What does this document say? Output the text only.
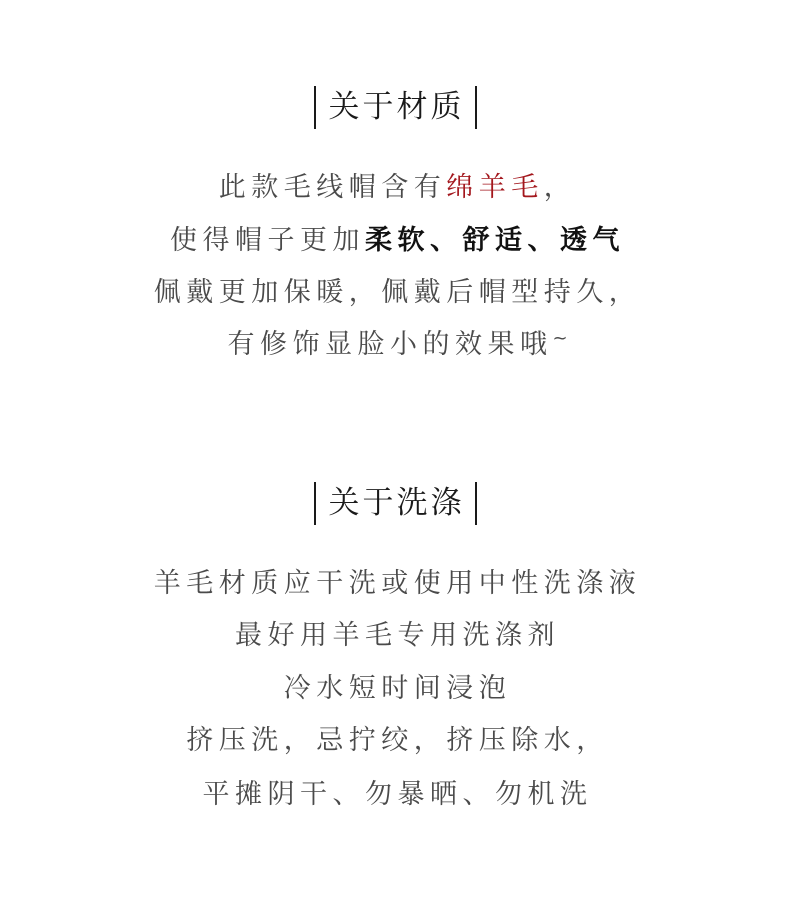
关于材质
此款毛线帽含有绵羊毛，
使得帽子更加柔软、舒适、透气
佩戴更加保暖，佩戴后帽型持久，
有修饰显脸小的效果哦~
关于洗涤
羊毛材质应干洗或使用中性洗涤液
最好用羊毛专用洗涤剂
冷水短时间浸泡
挤压洗，忌拧绞，挤压除水，
平摊阴干、勿暴晒、勿机洗
